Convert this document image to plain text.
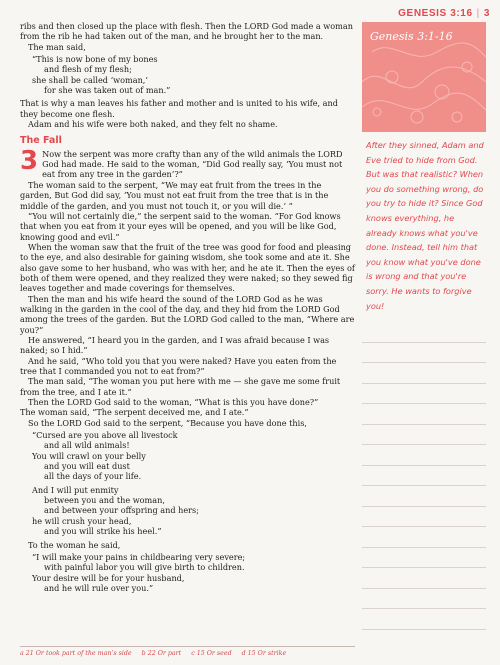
GENESIS 3:16 | 3

ribs and then closed up the place with flesh. Then the LORD God made a woman from the rib he had taken out of the man, and he brought her to the man.

The man said,

“This is now bone of my bones
and flesh of my flesh;
she shall be called ‘woman,’
for she was taken out of man.”

That is why a man leaves his father and mother and is united to his wife, and they become one flesh.

Adam and his wife were both naked, and they felt no shame.

The Fall
3 Now the serpent was more crafty than any of the wild animals the LORD God had made. He said to the woman, “Did God really say, ‘You must not eat from any tree in the garden’?”

The woman said to the serpent, “We may eat fruit from the trees in the garden, But God did say, ‘You must not eat fruit from the tree that is in the middle of the garden, and you must not touch it, or you will die.’ ”

“You will not certainly die,” the serpent said to the woman. “For God knows that when you eat from it your eyes will be opened, and you will be like God, knowing good and evil.”

When the woman saw that the fruit of the tree was good for food and pleasing to the eye, and also desirable for gaining wisdom, she took some and ate it. She also gave some to her husband, who was with her, and he ate it. Then the eyes of both of them were opened, and they realized they were naked; so they sewed fig leaves together and made coverings for themselves.

Then the man and his wife heard the sound of the LORD God as he was walking in the garden in the cool of the day, and they hid from the LORD God among the trees of the garden. But the LORD God called to the man, “Where are you?”

He answered, “I heard you in the garden, and I was afraid because I was naked; so I hid.”

And he said, “Who told you that you were naked? Have you eaten from the tree that I commanded you not to eat from?”

The man said, “The woman you put here with me — she gave me some fruit from the tree, and I ate it.”

Then the LORD God said to the woman, “What is this you have done?”

The woman said, “The serpent deceived me, and I ate.”

So the LORD God said to the serpent, “Because you have done this,

“Cursed are you above all livestock
and all wild animals!
You will crawl on your belly
and you will eat dust
all the days of your life.
And I will put enmity
between you and the woman,
and between your offspring and hers;
he will crush your head,
and you will strike his heel.”

To the woman he said,

“I will make your pains in childbearing very severe;
with painful labor you will give birth to children.
Your desire will be for your husband,
and he will rule over you.”
a 21 Or took part of the man’s side b 22 Or part c 15 Or seed d 15 Or strike
Genesis 3:1-16
After they sinned, Adam and Eve tried to hide from God. But was that realistic? When you do something wrong, do you try to hide it? Since God knows everything, he already knows what you've done. Instead, tell him that you know what you've done is wrong and that you're sorry. He wants to forgive you!
